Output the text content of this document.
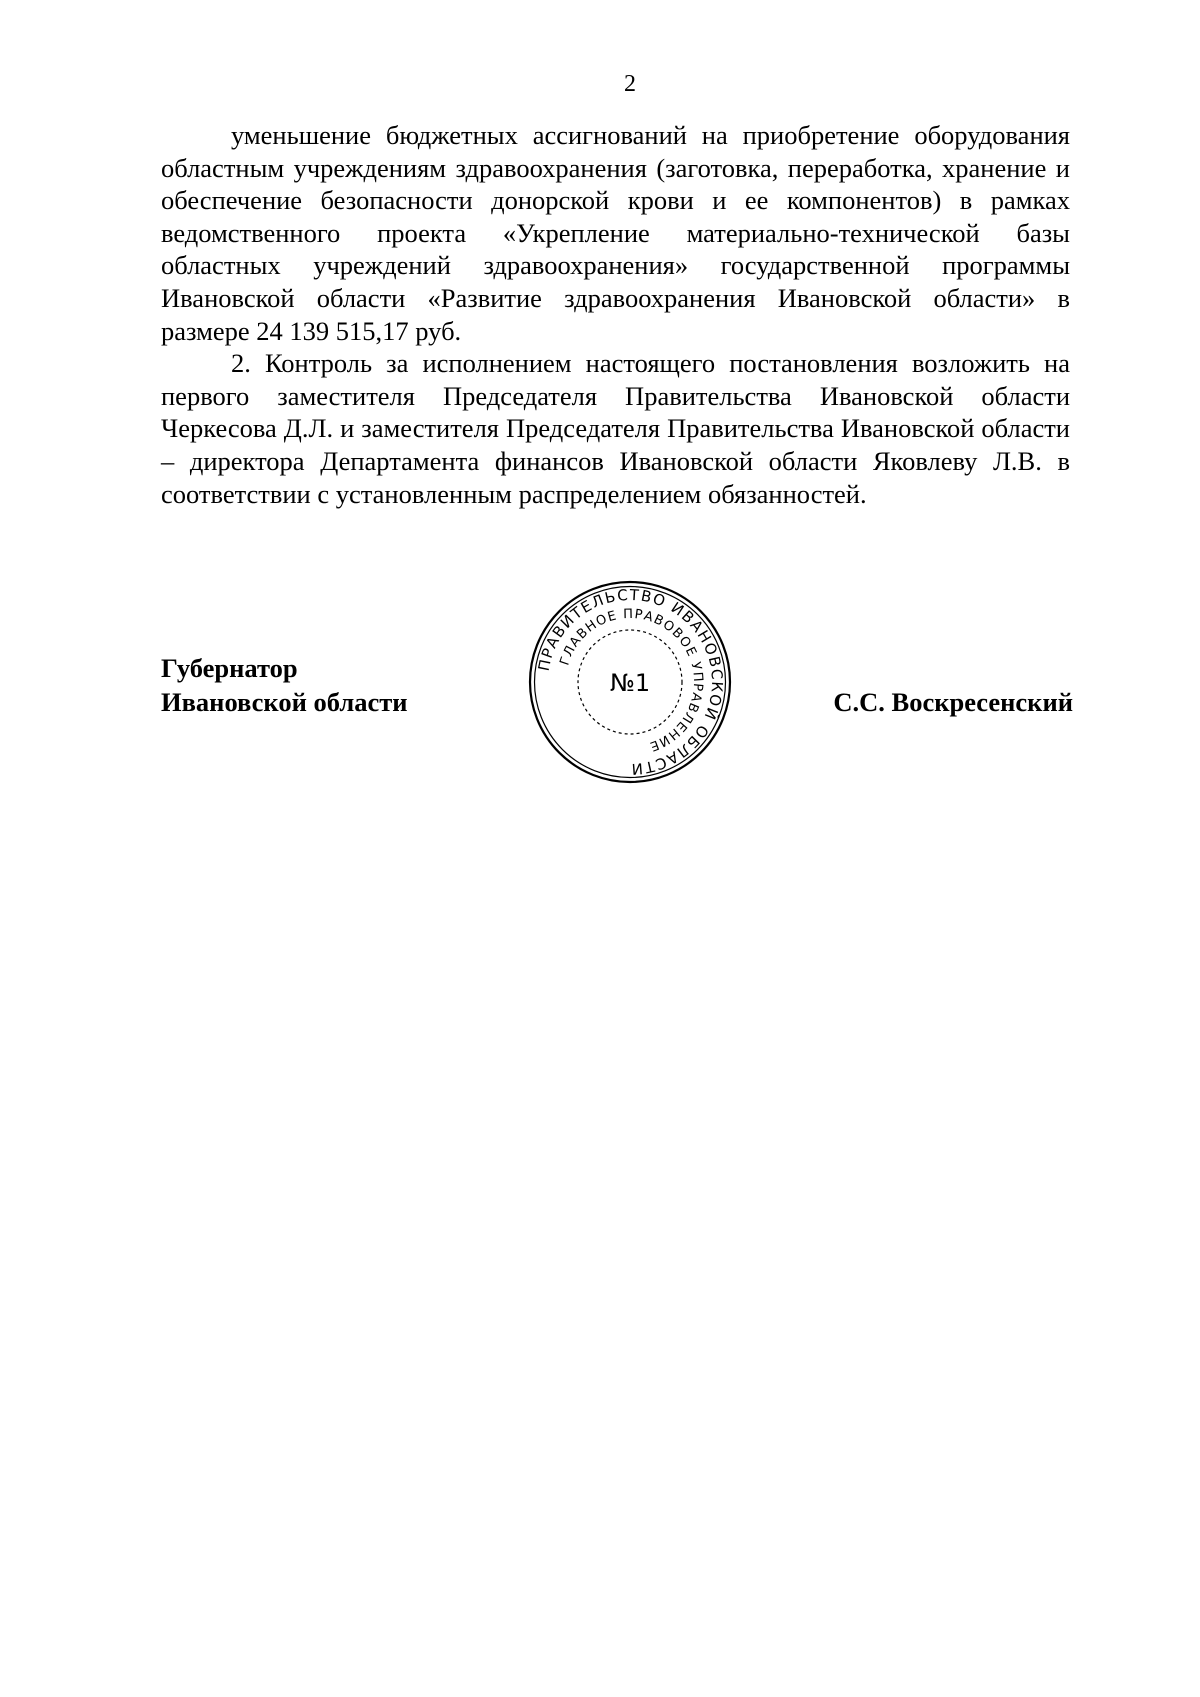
2

уменьшение бюджетных ассигнований на приобретение оборудования областным учреждениям здравоохранения (заготовка, переработка, хранение и обеспечение безопасности донорской крови и ее компонентов) в рамках ведомственного проекта «Укрепление материально-технической базы областных учреждений здравоохранения» государственной программы Ивановской области «Развитие здравоохранения Ивановской области» в размере 24 139 515,17 руб.

2. Контроль за исполнением настоящего постановления возложить на первого заместителя Председателя Правительства Ивановской области Черкесова Д.Л. и заместителя Председателя Правительства Ивановской области – директора Департамента финансов Ивановской области Яковлеву Л.В. в соответствии с установленным распределением обязанностей.

Губернатор
Ивановской области
ПРАВИТЕЛЬСТВО ИВАНОВСКОЙ ОБЛАСТИ
ГЛАВНОЕ ПРАВОВОЕ УПРАВЛЕНИЕ
№1
С.С. Воскресенский
